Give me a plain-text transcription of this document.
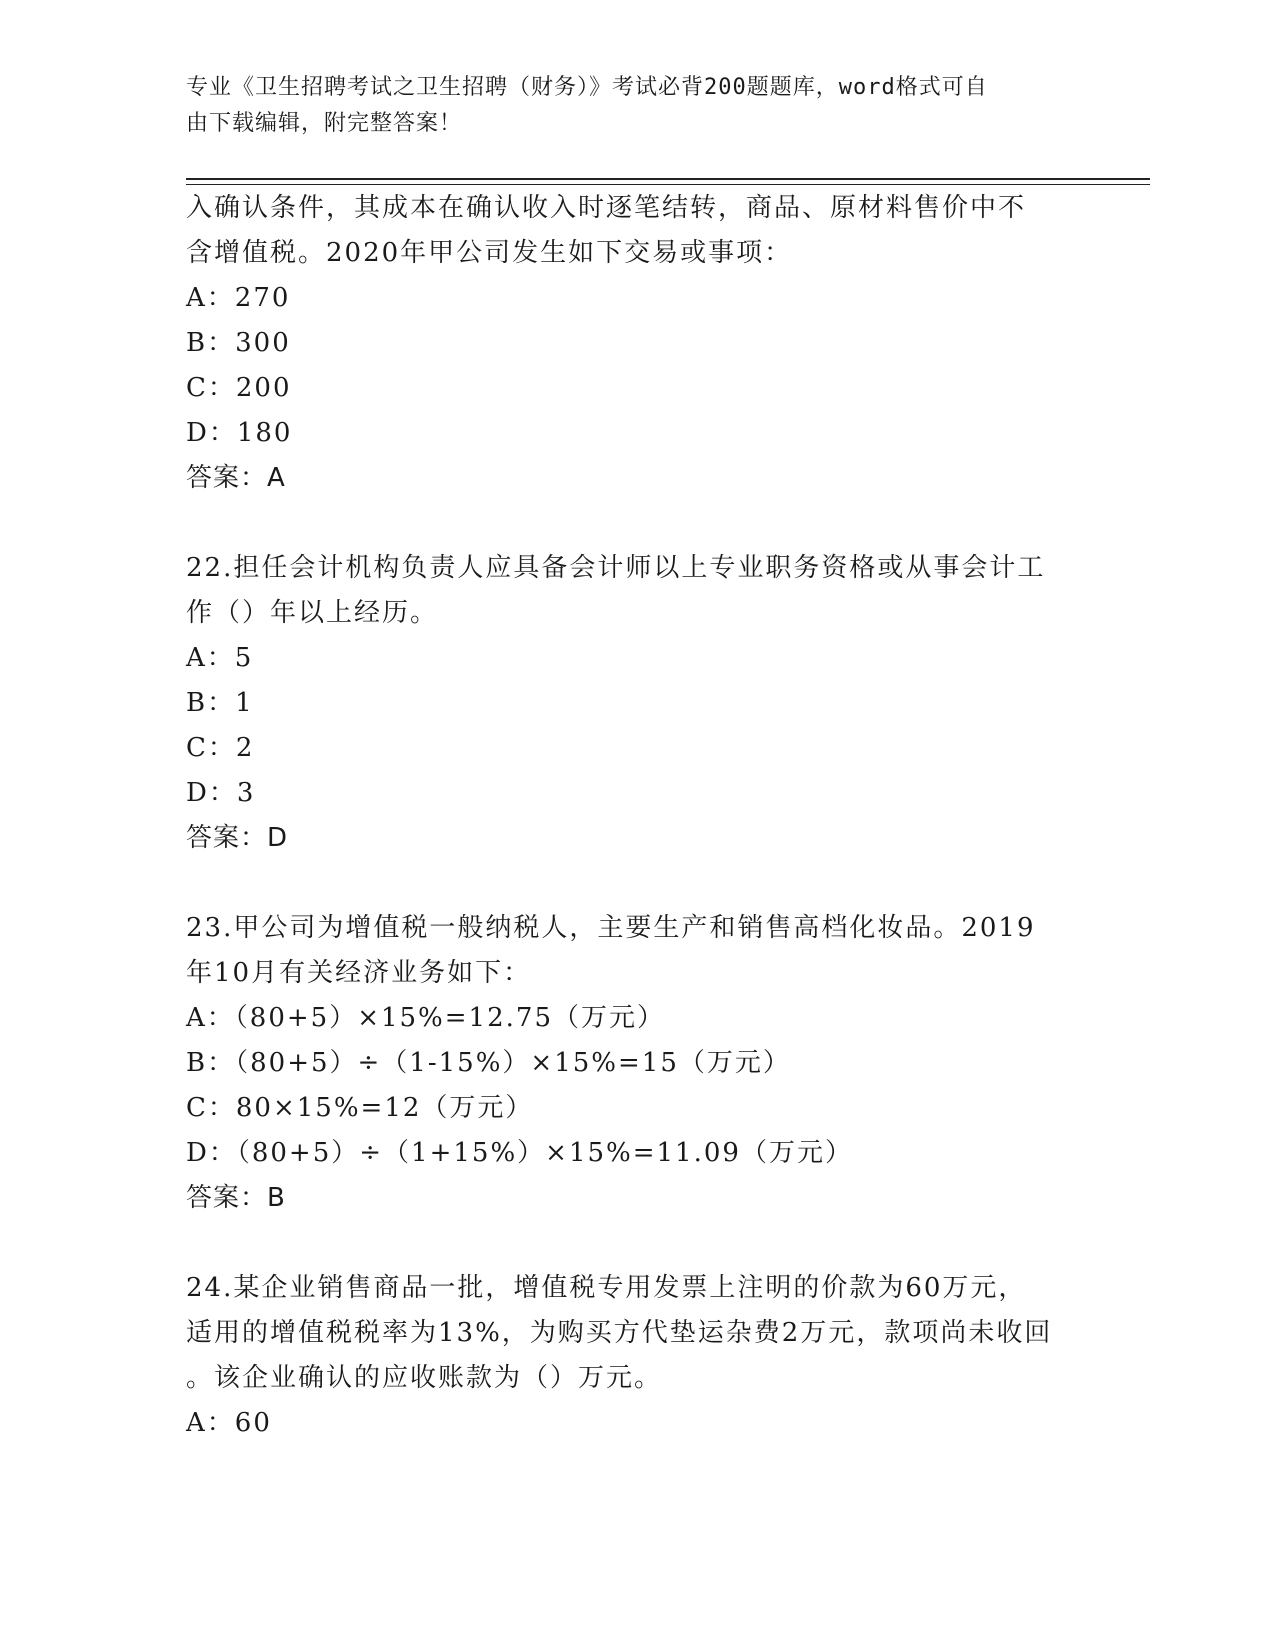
专业《卫生招聘考试之卫生招聘（财务）》考试必背200题题库，word格式可自
由下载编辑，附完整答案！
入确认条件，其成本在确认收入时逐笔结转，商品、原材料售价中不
含增值税。2020年甲公司发生如下交易或事项：
A：270
B：300
C：200
D：180
答案：A
22.担任会计机构负责人应具备会计师以上专业职务资格或从事会计工
作（）年以上经历。
A：5
B：1
C：2
D：3
答案：D
23.甲公司为增值税一般纳税人，主要生产和销售高档化妆品。2019
年10月有关经济业务如下：
A：（80+5）×15%=12.75（万元）
B：（80+5）÷（1-15%）×15%=15（万元）
C：80×15%=12（万元）
D：（80+5）÷（1+15%）×15%=11.09（万元）
答案：B
24.某企业销售商品一批，增值税专用发票上注明的价款为60万元，
适用的增值税税率为13%，为购买方代垫运杂费2万元，款项尚未收回
。该企业确认的应收账款为（）万元。
A：60
